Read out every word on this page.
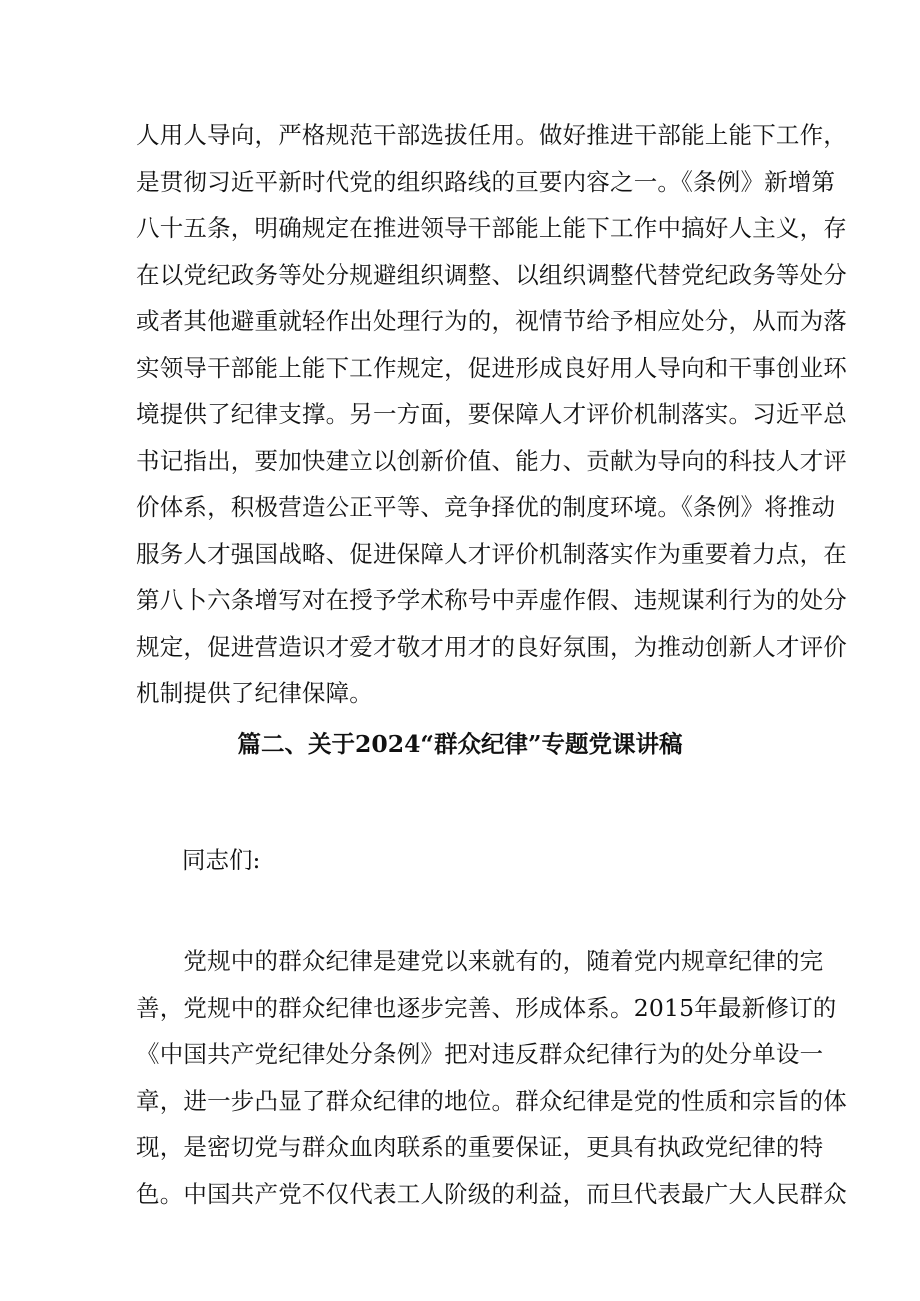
人用人导向，严格规范干部选拔任用。做好推进干部能上能下工作，
是贯彻习近平新时代党的组织路线的亘要内容之一。《条例》新增第
八十五条，明确规定在推进领导干部能上能下工作中搞好人主义，存
在以党纪政务等处分规避组织调整、以组织调整代替党纪政务等处分
或者其他避重就轻作出处理行为的，视情节给予相应处分，从而为落
实领导干部能上能下工作规定，促进形成良好用人导向和干事创业环
境提供了纪律支撑。另一方面，要保障人才评价机制落实。习近平总
书记指出，要加快建立以创新价值、能力、贡献为导向的科技人才评
价体系，积极营造公正平等、竞争择优的制度环境。《条例》将推动
服务人才强国战略、促进保障人才评价机制落实作为重要着力点，在
第八卜六条增写对在授予学术称号中弄虚作假、违规谋利行为的处分
规定，促进营造识才爱才敬才用才的良好氛围，为推动创新人才评价
机制提供了纪律保障。
篇二、关于2024“群众纪律”专题党课讲稿

同志们:

　　党规中的群众纪律是建党以来就有的，随着党内规章纪律的完
善，党规中的群众纪律也逐步完善、形成体系。2015年最新修订的
《中国共产党纪律处分条例》把对违反群众纪律行为的处分单设一
章，进一步凸显了群众纪律的地位。群众纪律是党的性质和宗旨的体
现，是密切党与群众血肉联系的重要保证，更具有执政党纪律的特
色。中国共产党不仅代表工人阶级的利益，而旦代表最广大人民群众
